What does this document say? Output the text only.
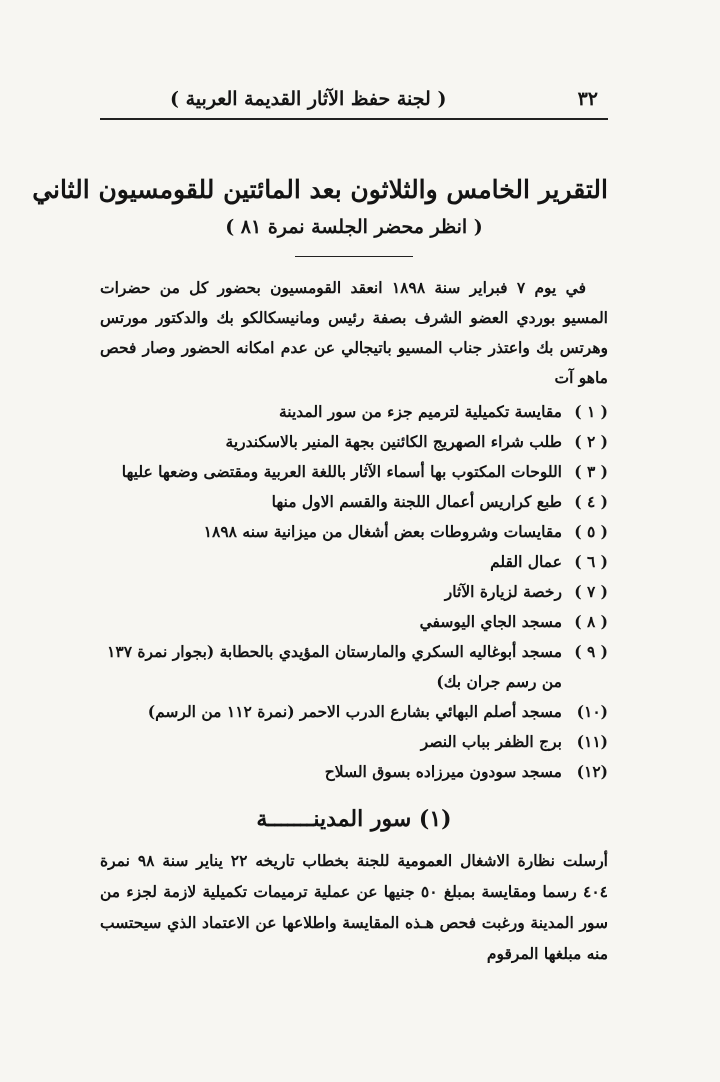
٣٢
( لجنة حفظ الآثار القديمة العربية )
التقرير الخامس والثلاثون بعد المائتين للقومسيون الثاني
( انظر محضر الجلسة نمرة ٨١ )

في يوم ٧ فبراير سنة ١٨٩٨ انعقد القومسيون بحضور كل من حضرات المسيو بوردي العضو الشرف بصفة رئيس ومانيسكالكو بك والدكتور مورتس وهرتس بك واعتذر جناب المسيو باتيجالي عن عدم امكانه الحضور وصار فحص ماهو آت

( ١ )
مقايسة تكميلية لترميم جزء من سور المدينة
( ٢ )
طلب شراء الصهريج الكائنين بجهة المنير بالاسكندرية
( ٣ )
اللوحات المكتوب بها أسماء الآثار باللغة العربية ومقتضى وضعها عليها
( ٤ )
طبع كراريس أعمال اللجنة والقسم الاول منها
( ٥ )
مقايسات وشروطات بعض أشغال من ميزانية سنه ١٨٩٨
( ٦ )
عمال القلم
( ٧ )
رخصة لزيارة الآثار
( ٨ )
مسجد الجاي اليوسفي
( ٩ )
مسجد أبوغاليه السكري والمارستان المؤيدي بالحطابة (بجوار نمرة ١٣٧ من رسم جران بك)
(١٠)
مسجد أصلم البهائي بشارع الدرب الاحمر (نمرة ١١٢ من الرسم)
(١١)
برج الظفر بباب النصر
(١٢)
مسجد سودون ميرزاده بسوق السلاح
(١) سور المدينـــــــة

أرسلت نظارة الاشغال العمومية للجنة بخطاب تاريخه ٢٢ يناير سنة ٩٨ نمرة ٤٠٤ رسما ومقايسة بمبلغ ٥٠ جنيها عن عملية ترميمات تكميلية لازمة لجزء من سور المدينة ورغبت فحص هـذه المقايسة واطلاعها عن الاعتماد الذي سيحتسب منه مبلغها المرقوم
